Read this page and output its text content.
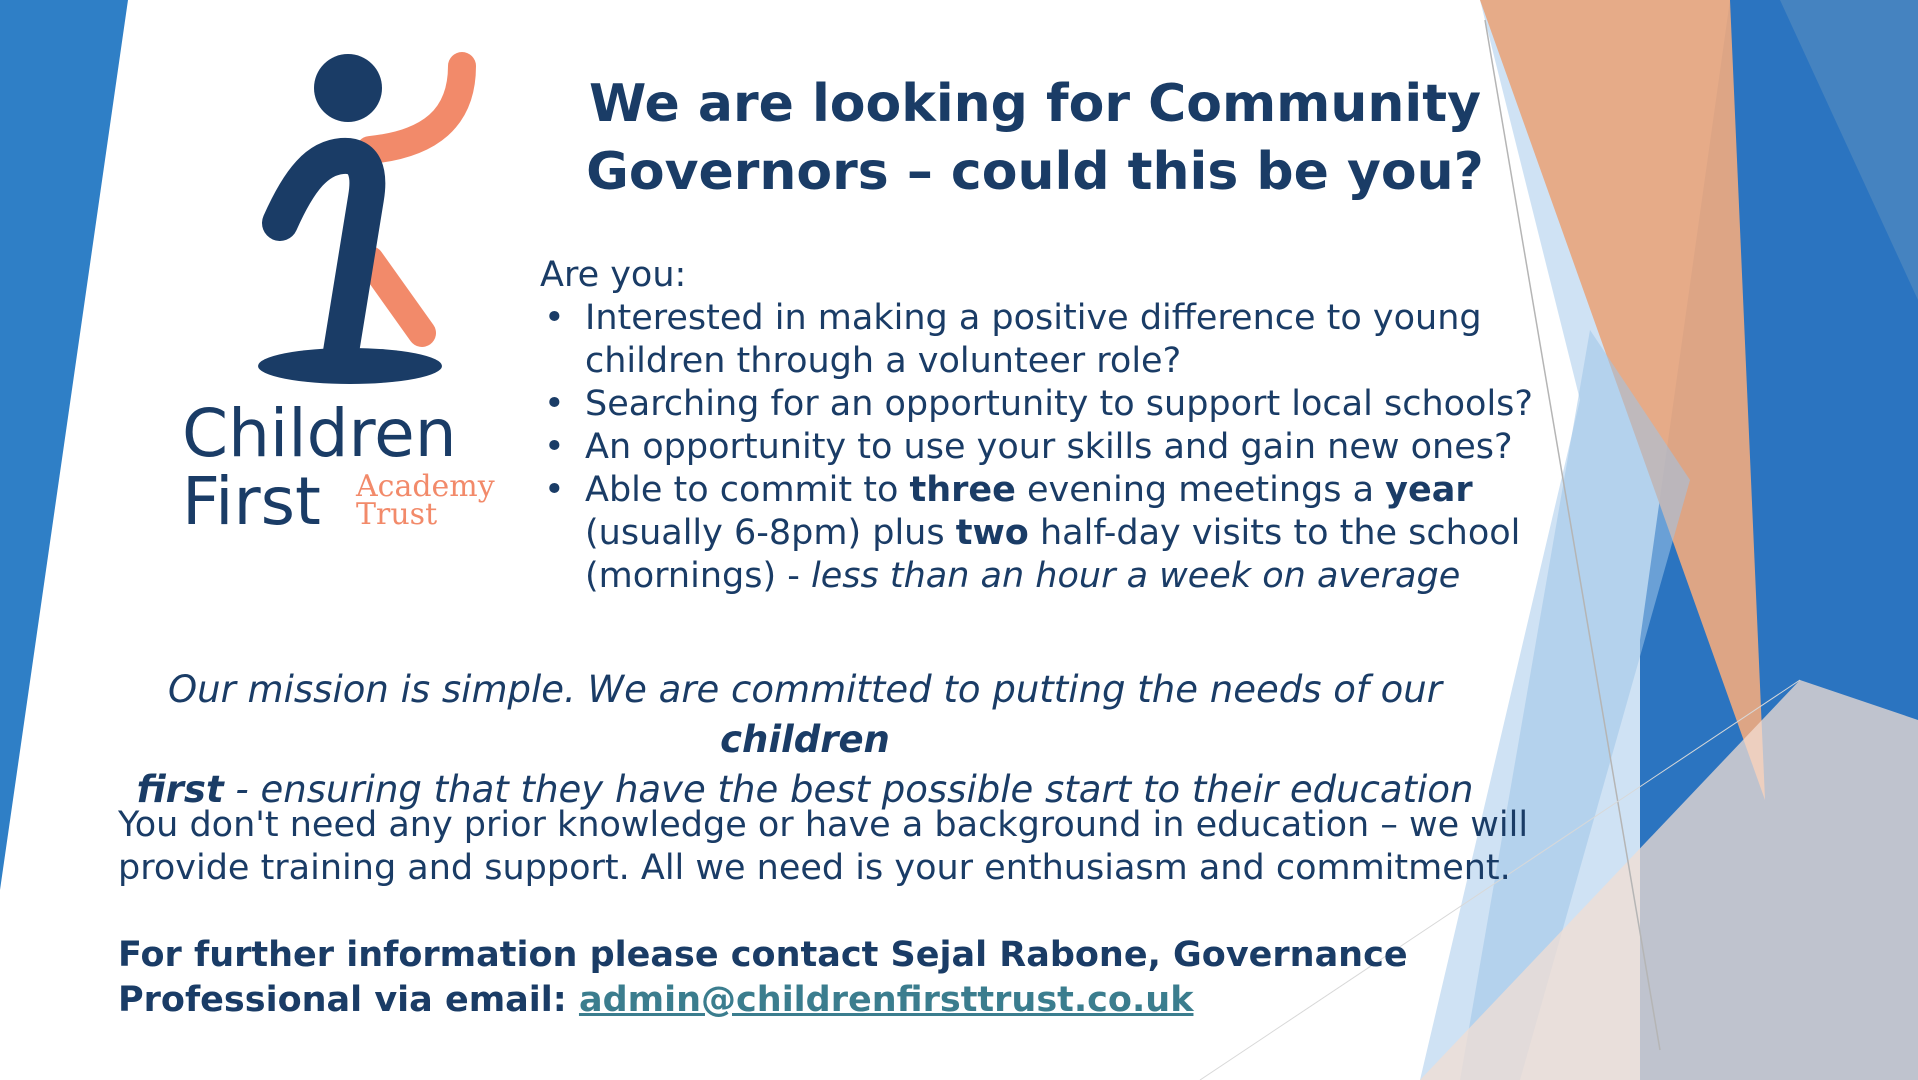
Children
First Academy
Trust
We are looking for Community
Governors – could this be you?
Are you:
• Interested in making a positive difference to young children through a volunteer role?
• Searching for an opportunity to support local schools?
• An opportunity to use your skills and gain new ones?
• Able to commit to three evening meetings a year (usually 6-8pm) plus two half-day visits to the school (mornings) - less than an hour a week on average
Our mission is simple. We are committed to putting the needs of our children
first - ensuring that they have the best possible start to their education
You don't need any prior knowledge or have a background in education – we will provide training and support. All we need is your enthusiasm and commitment.
For further information please contact Sejal Rabone, Governance Professional via email: admin@childrenfirsttrust.co.uk
